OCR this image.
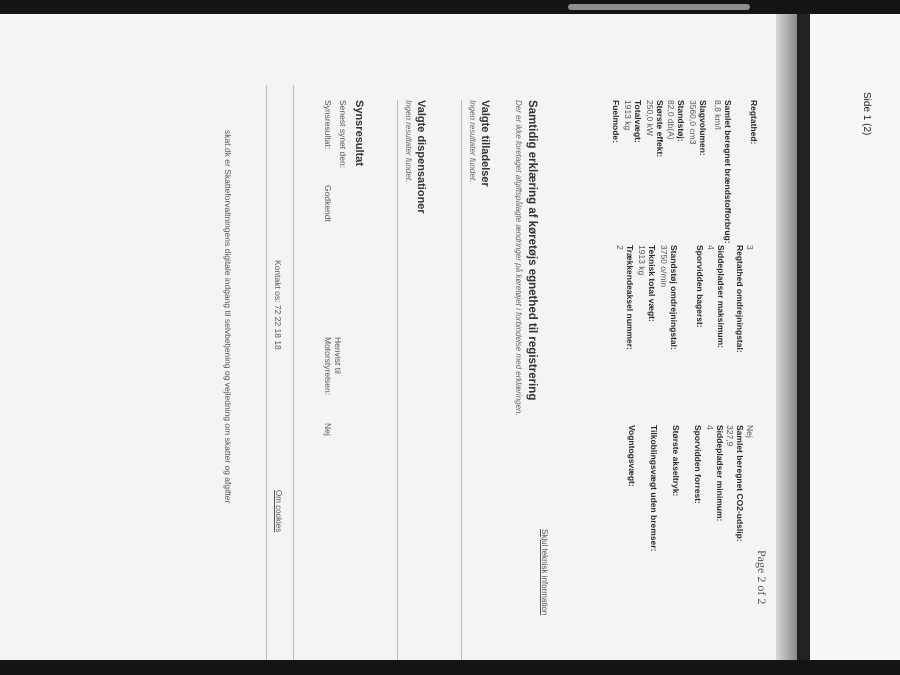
Side 1 (2)
Regtathed:
Samlet beregnet brændstofforbrug:
8,8 km/l
Slagvolumen:
3560,0 cm3
Standstøj:
82,0 db(A)
Største effekt:
250,0 kW
Totalvægt:
1913 kg
Fuelmode:
3
Regtathed omdrejningstal:
Siddepladser maksimum:
4
Sporvidden bagerst:
Standstøj omdrejningstal:
3750 o/min
Teknisk total vægt:
1913 kg
Trækkendeaksel nummer:
2
Nej
Samlet beregnet CO2-udslip:
327,9
Siddepladser minimum:
4
Sporvidden forrest:
Største akseltryk:
Tilkoblingsvægt uden bremser:
Vogntogsvægt:
Skjul teknisk information
Samtidig erklæring af køretøjs egnethed til registrering
Der er ikke foretaget afgiftspålagte ændringer på køretøjet i forbindelse med erklæringen.
Valgte tilladelser
Ingen resultater fundet.
Valgte dispensationer
Ingen resultater fundet.
Synsresultat
Senest synet den:
Synsresultat:
Godkendt
Henvist til
Motorstyrelsen:
Nej
Kontakt os: 72 22 18 18
Om cookies
skat.dk er Skatteforvaltningens digitale indgang til selvbetjening og vejledning om skatter og afgifter
Page 2 of 2
